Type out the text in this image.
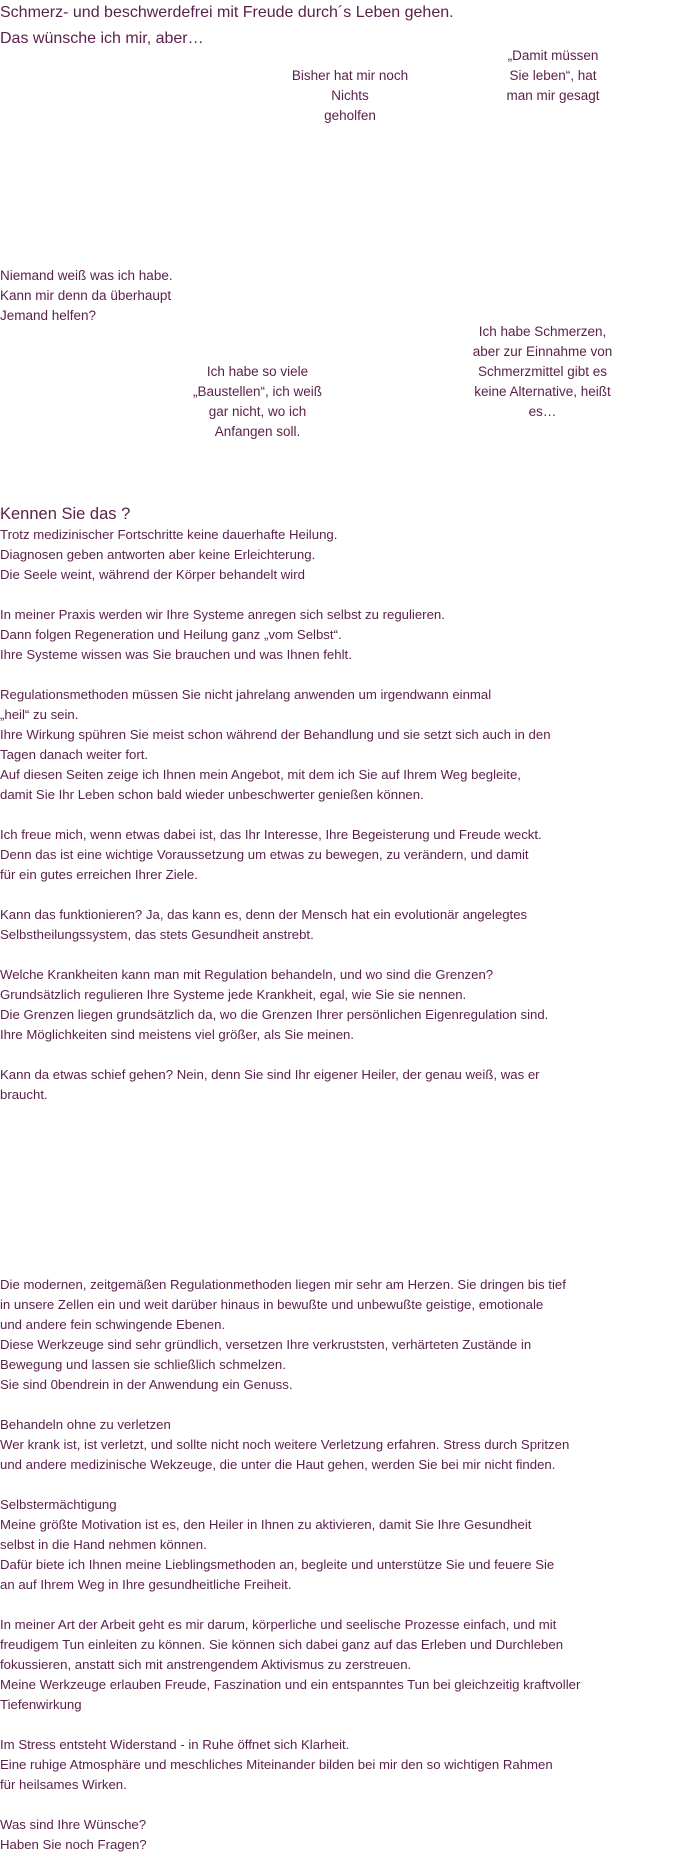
Schmerz- und beschwerdefrei mit Freude durch´s Leben gehen.
Das wünsche ich mir, aber…
Bisher hat mir noch
Nichts
geholfen
„Damit müssen
Sie leben“, hat
man mir gesagt
Niemand weiß was ich habe.
Kann mir denn da überhaupt
Jemand helfen?
Ich habe so viele
„Baustellen“, ich weiß
gar nicht, wo ich
Anfangen soll.
Ich habe Schmerzen,
aber zur Einnahme von
Schmerzmittel gibt es
keine Alternative, heißt
es…
Kennen Sie das ?

Trotz medizinischer Fortschritte keine dauerhafte Heilung.
Diagnosen geben antworten aber keine Erleichterung.
Die Seele weint, während der Körper behandelt wird

In meiner Praxis werden wir Ihre Systeme anregen sich selbst zu regulieren.
Dann folgen Regeneration und Heilung ganz „vom Selbst“.
Ihre Systeme wissen was Sie brauchen und was Ihnen fehlt.

Regulationsmethoden müssen Sie nicht jahrelang anwenden um irgendwann einmal
„heil“ zu sein.
Ihre Wirkung spühren Sie meist schon während der Behandlung und sie setzt sich auch in den
Tagen danach weiter fort.
Auf diesen Seiten zeige ich Ihnen mein Angebot, mit dem ich Sie auf Ihrem Weg begleite,
damit Sie Ihr Leben schon bald wieder unbeschwerter genießen können.

Ich freue mich, wenn etwas dabei ist, das Ihr Interesse, Ihre Begeisterung und Freude weckt.
Denn das ist eine wichtige Voraussetzung um etwas zu bewegen, zu verändern, und damit
für ein gutes erreichen Ihrer Ziele.

Kann das funktionieren? Ja, das kann es, denn der Mensch hat ein evolutionär angelegtes
Selbstheilungssystem, das stets Gesundheit anstrebt.

Welche Krankheiten kann man mit Regulation behandeln, und wo sind die Grenzen?
Grundsätzlich regulieren Ihre Systeme jede Krankheit, egal, wie Sie sie nennen.
Die Grenzen liegen grundsätzlich da, wo die Grenzen Ihrer persönlichen Eigenregulation sind.
Ihre Möglichkeiten sind meistens viel größer, als Sie meinen.

Kann da etwas schief gehen? Nein, denn Sie sind Ihr eigener Heiler, der genau weiß, was er
braucht.

Die modernen, zeitgemäßen Regulationmethoden liegen mir sehr am Herzen. Sie dringen bis tief
in unsere Zellen ein und weit darüber hinaus in bewußte und unbewußte geistige, emotionale
und andere fein schwingende Ebenen.
Diese Werkzeuge sind sehr gründlich, versetzen Ihre verkruststen, verhärteten Zustände in
Bewegung und lassen sie schließlich schmelzen.
Sie sind 0bendrein in der Anwendung ein Genuss.

Behandeln ohne zu verletzen
Wer krank ist, ist verletzt, und sollte nicht noch weitere Verletzung erfahren. Stress durch Spritzen
und andere medizinische Wekzeuge, die unter die Haut gehen, werden Sie bei mir nicht finden.

Selbstermächtigung
Meine größte Motivation ist es, den Heiler in Ihnen zu aktivieren, damit Sie Ihre Gesundheit
selbst in die Hand nehmen können.
Dafür biete ich Ihnen meine Lieblingsmethoden an, begleite und unterstütze Sie und feuere Sie
an auf Ihrem Weg in Ihre gesundheitliche Freiheit.

In meiner Art der Arbeit geht es mir darum, körperliche und seelische Prozesse einfach, und mit
freudigem Tun einleiten zu können. Sie können sich dabei ganz auf das Erleben und Durchleben
fokussieren, anstatt sich mit anstrengendem Aktivismus zu zerstreuen.
Meine Werkzeuge erlauben Freude, Faszination und ein entspanntes Tun bei gleichzeitig kraftvoller
Tiefenwirkung

Im Stress entsteht Widerstand - in Ruhe öffnet sich Klarheit.
Eine ruhige Atmosphäre und meschliches Miteinander bilden bei mir den so wichtigen Rahmen
für heilsames Wirken.

Was sind Ihre Wünsche?
Haben Sie noch Fragen?
